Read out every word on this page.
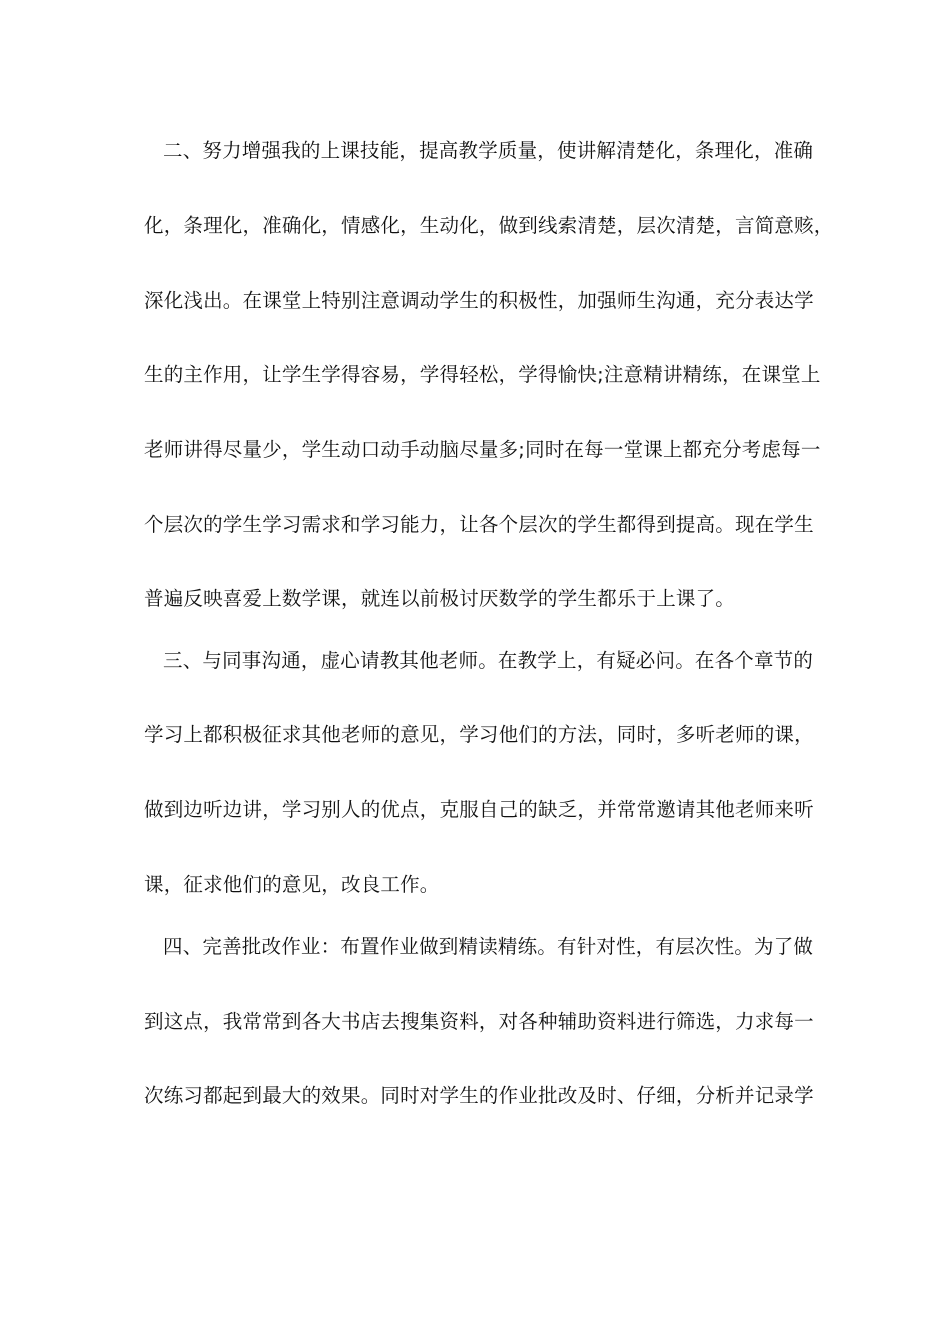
二、努力增强我的上课技能，提高教学质量，使讲解清楚化，条理化，准确
化，条理化，准确化，情感化，生动化，做到线索清楚，层次清楚，言简意赅，
深化浅出。在课堂上特别注意调动学生的积极性，加强师生沟通，充分表达学
生的主作用，让学生学得容易，学得轻松，学得愉快;注意精讲精练，在课堂上
老师讲得尽量少，学生动口动手动脑尽量多;同时在每一堂课上都充分考虑每一
个层次的学生学习需求和学习能力，让各个层次的学生都得到提高。现在学生
普遍反映喜爱上数学课，就连以前极讨厌数学的学生都乐于上课了。
三、与同事沟通，虚心请教其他老师。在教学上，有疑必问。在各个章节的
学习上都积极征求其他老师的意见，学习他们的方法，同时，多听老师的课，
做到边听边讲，学习别人的优点，克服自己的缺乏，并常常邀请其他老师来听
课，征求他们的意见，改良工作。
四、完善批改作业：布置作业做到精读精练。有针对性，有层次性。为了做
到这点，我常常到各大书店去搜集资料，对各种辅助资料进行筛选，力求每一
次练习都起到最大的效果。同时对学生的作业批改及时、仔细，分析并记录学
